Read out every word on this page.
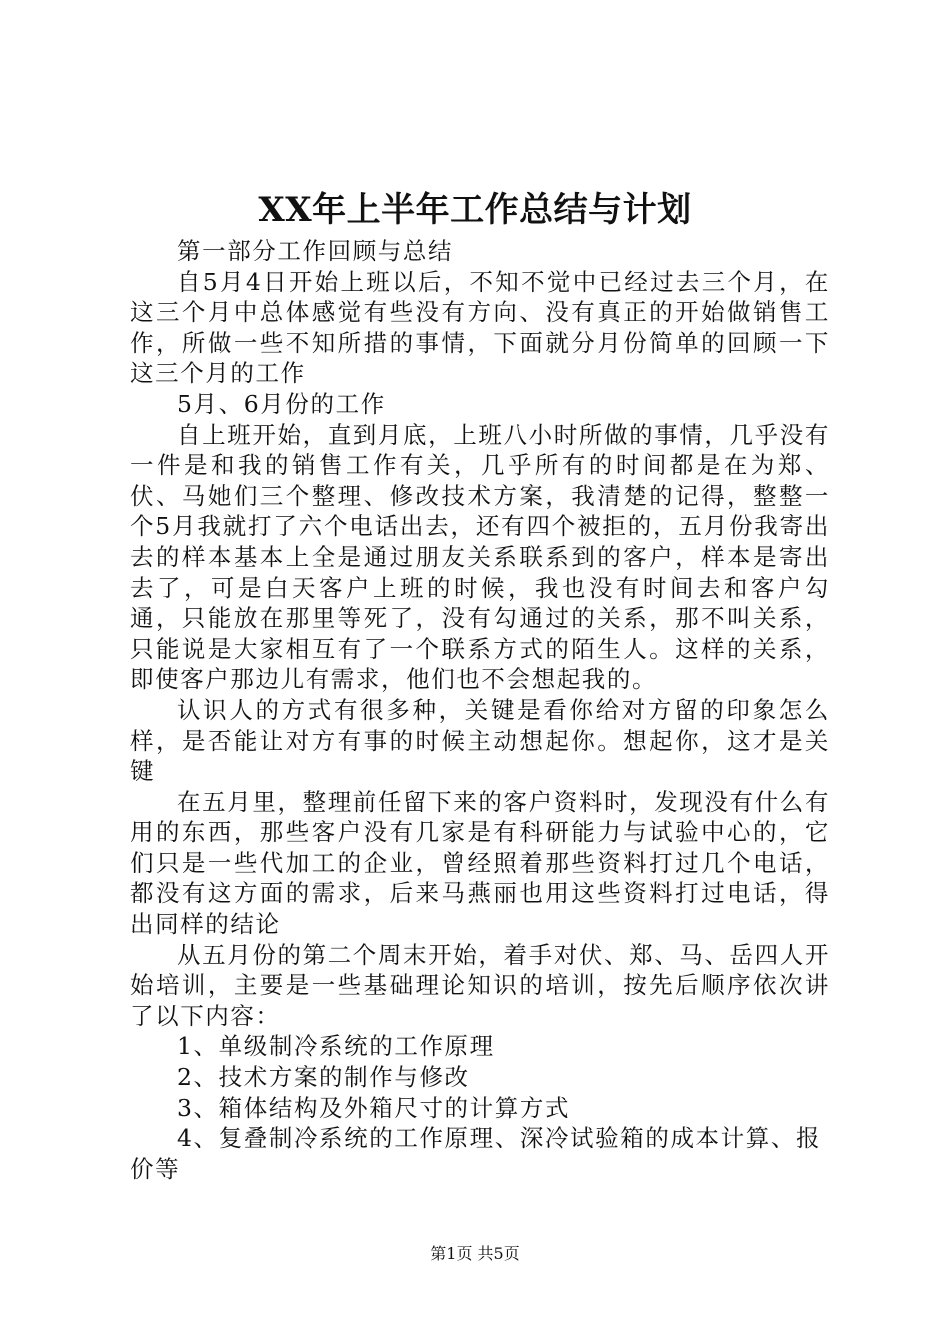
XX年上半年工作总结与计划

第一部分工作回顾与总结

自5月4日开始上班以后，不知不觉中已经过去三个月，在这三个月中总体感觉有些没有方向、没有真正的开始做销售工作，所做一些不知所措的事情，下面就分月份简单的回顾一下这三个月的工作

5月、6月份的工作

自上班开始，直到月底，上班八小时所做的事情，几乎没有一件是和我的销售工作有关，几乎所有的时间都是在为郑、伏、马她们三个整理、修改技术方案，我清楚的记得，整整一个5月我就打了六个电话出去，还有四个被拒的，五月份我寄出去的样本基本上全是通过朋友关系联系到的客户，样本是寄出去了，可是白天客户上班的时候，我也没有时间去和客户勾通，只能放在那里等死了，没有勾通过的关系，那不叫关系，只能说是大家相互有了一个联系方式的陌生人。这样的关系，即使客户那边儿有需求，他们也不会想起我的。

认识人的方式有很多种，关键是看你给对方留的印象怎么样，是否能让对方有事的时候主动想起你。想起你，这才是关键

在五月里，整理前任留下来的客户资料时，发现没有什么有用的东西，那些客户没有几家是有科研能力与试验中心的，它们只是一些代加工的企业，曾经照着那些资料打过几个电话，都没有这方面的需求，后来马燕丽也用这些资料打过电话，得出同样的结论

从五月份的第二个周末开始，着手对伏、郑、马、岳四人开始培训，主要是一些基础理论知识的培训，按先后顺序依次讲了以下内容：

1、单级制冷系统的工作原理

2、技术方案的制作与修改

3、箱体结构及外箱尺寸的计算方式

4、复叠制冷系统的工作原理、深冷试验箱的成本计算、报价等

第1页 共5页
